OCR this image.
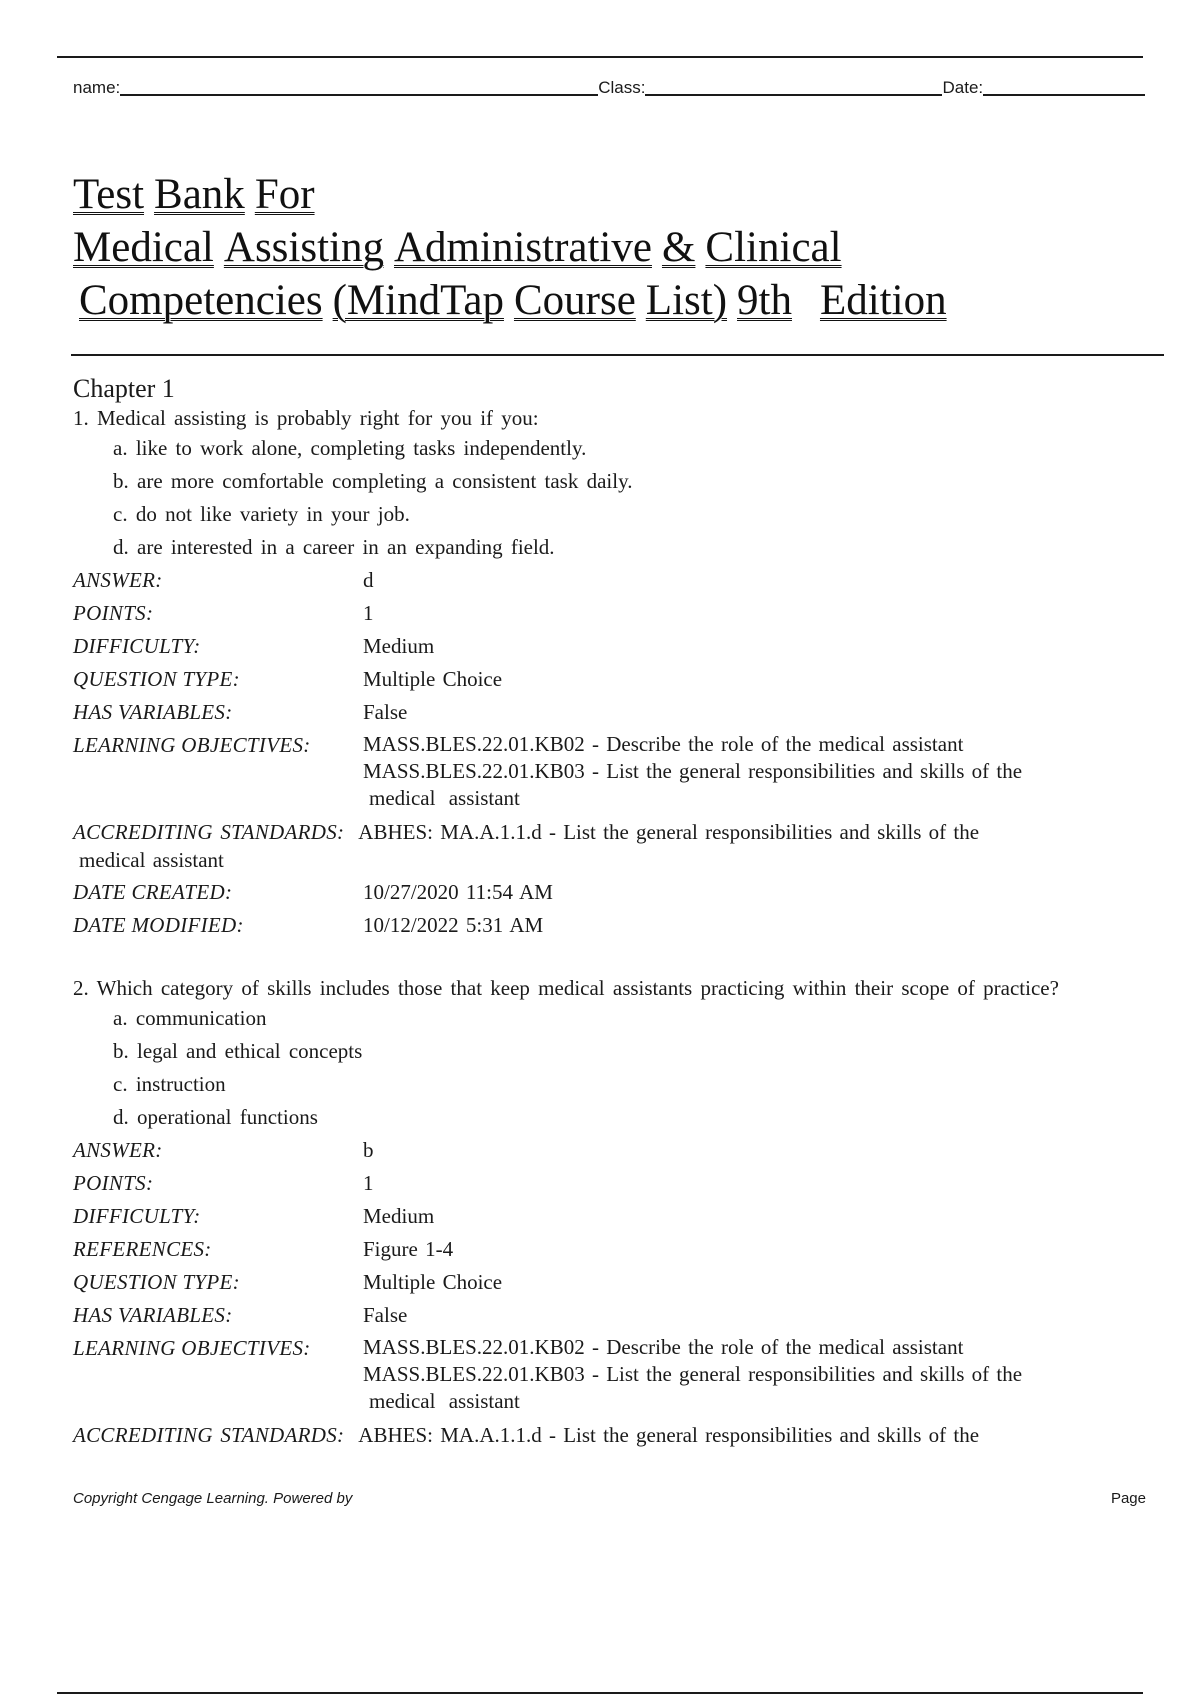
name:	Class:	Date:
Test Bank For
Medical Assisting Administrative & Clinical
Competencies (MindTap Course List) 9th Edition
Chapter 1
1. Medical assisting is probably right for you if you:
a. like to work alone, completing tasks independently.
b. are more comfortable completing a consistent task daily.
c. do not like variety in your job.
d. are interested in a career in an expanding field.
ANSWER:	d
POINTS:	1
DIFFICULTY:	Medium
QUESTION TYPE:	Multiple Choice
HAS VARIABLES:	False
LEARNING OBJECTIVES:	MASS.BLES.22.01.KB02 - Describe the role of the medical assistant
MASS.BLES.22.01.KB03 - List the general responsibilities and skills of the
medical assistant
ACCREDITING STANDARDS: ABHES: MA.A.1.1.d - List the general responsibilities and skills of the
medical assistant
DATE CREATED:	10/27/2020 11:54 AM
DATE MODIFIED:	10/12/2022 5:31 AM
2. Which category of skills includes those that keep medical assistants practicing within their scope of practice?
a. communication
b. legal and ethical concepts
c. instruction
d. operational functions
ANSWER:	b
POINTS:	1
DIFFICULTY:	Medium
REFERENCES:	Figure 1-4
QUESTION TYPE:	Multiple Choice
HAS VARIABLES:	False
LEARNING OBJECTIVES:	MASS.BLES.22.01.KB02 - Describe the role of the medical assistant
MASS.BLES.22.01.KB03 - List the general responsibilities and skills of the
medical assistant
ACCREDITING STANDARDS: ABHES: MA.A.1.1.d - List the general responsibilities and skills of the
Copyright Cengage Learning. Powered by	Page
